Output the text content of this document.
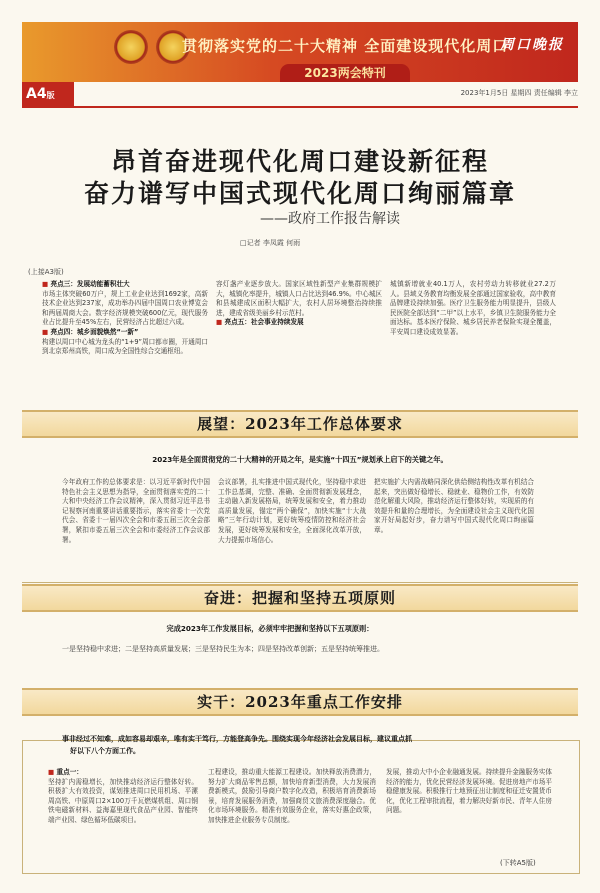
贯彻落实党的二十大精神 全面建设现代化周口
周口晚报
2023两会特刊
A4版	2023年1月5日 星期四 责任编辑 李立
昂首奋进现代化周口建设新征程
奋力谱写中国式现代化周口绚丽篇章
——政府工作报告解读
□记者 李凤霞 何雨
(上接A3版)
■ 亮点三：发展动能蓄积壮大
市场主体突破60万户，规上工业企业达到1692家，高新技术企业达到237家，成功举办四届中国周口农业博览会和两届周商大会。数字经济规模突破600亿元，现代服务业占比提升至45%左右，民营经济占比超过六成。
■ 亮点四：城乡面貌焕然“一新”
构建以周口中心城为龙头的“1+9”周口都市圈，开通周口到北京郑州高铁，周口成为全国性综合交通枢纽。
容灯盏产业逐步放大。国家区域性新型产业集群规模扩大，城镇化率提升，城镇人口占比达到46.9%。中心城区和县城建成区面积大幅扩大，农村人居环境整治持续推进，建成省级美丽乡村示范村。
■ 亮点五：社会事业持续发展
城镇新增就业40.1万人，农村劳动力转移就业27.2万人。县域义务教育均衡发展全部通过国家验收，高中教育品牌建设持续加强。医疗卫生服务能力明显提升，县级人民医院全部达到“二甲”以上水平，乡镇卫生院服务能力全面达标。基本医疗保险、城乡居民养老保险实现全覆盖，平安周口建设成效显著。
展望：2023年工作总体要求
2023年是全面贯彻党的二十大精神的开局之年，是实施“十四五”规划承上启下的关键之年。
今年政府工作的总体要求是：以习近平新时代中国特色社会主义思想为指导，全面贯彻落实党的二十大和中央经济工作会议精神，深入贯彻习近平总书记视察河南重要讲话重要指示，落实省委十一次党代会、省委十一届四次全会和市委五届三次全会部署，紧扣市委五届三次全会和市委经济工作会议部署。
会议部署，扎实推进中国式现代化，坚持稳中求进工作总基调，完整、准确、全面贯彻新发展理念，主动融入新发展格局，统筹发展和安全，着力推动高质量发展，锚定“两个确保”，加快实施“十大战略”三年行动计划，更好统筹疫情防控和经济社会发展，更好统筹发展和安全，全面深化改革开放，大力提振市场信心。
把实施扩大内需战略同深化供给侧结构性改革有机结合起来，突出做好稳增长、稳就业、稳物价工作，有效防范化解重大风险，推动经济运行整体好转，实现质的有效提升和量的合理增长，为全面建设社会主义现代化国家开好局起好步，奋力谱写中国式现代化周口绚丽篇章。
奋进：把握和坚持五项原则
完成2023年工作发展目标，必须牢牢把握和坚持以下五项原则：
一是坚持稳中求进；二是坚持高质量发展；三是坚持民生为本；四是坚持改革创新；五是坚持统筹推进。
实干：2023年重点工作安排
事非经过不知难，成如容易却艰辛，唯有实干笃行，方能登高争先。围绕实现今年经济社会发展目标，建议重点抓
好以下八个方面工作。
■ 重点一：
坚持扩内需稳增长，加快推动经济运行整体好转。积极扩大有效投资，谋划推进周口民用机场、平漯周高铁、中原周口2×100万千瓦燃煤机组、周口钢铁电磁新材料、益海嘉里现代食品产业园、智能终端产业园、绿色循环低碳项目。
工程建设，推动重大能源工程建设。加快释放消费潜力，努力扩大商品零售总额，加快培育新型消费，大力发展消费新模式，鼓励引导商户数字化改造，积极培育消费新场景，培育发展服务消费，加强商贸文旅消费深度融合。优化市场环境服务。精准有效服务企业，落实好惠企政策，加快推进企业服务专员制度。
发展，推动大中小企业融通发展。持续提升金融服务实体经济的能力，优化民营经济发展环境。促进房地产市场平稳健康发展。积极推行土地预征出让制度和征迁安置货币化，优化工程审批流程，着力解决好新市民、青年人住房问题。
(下转A5版)
